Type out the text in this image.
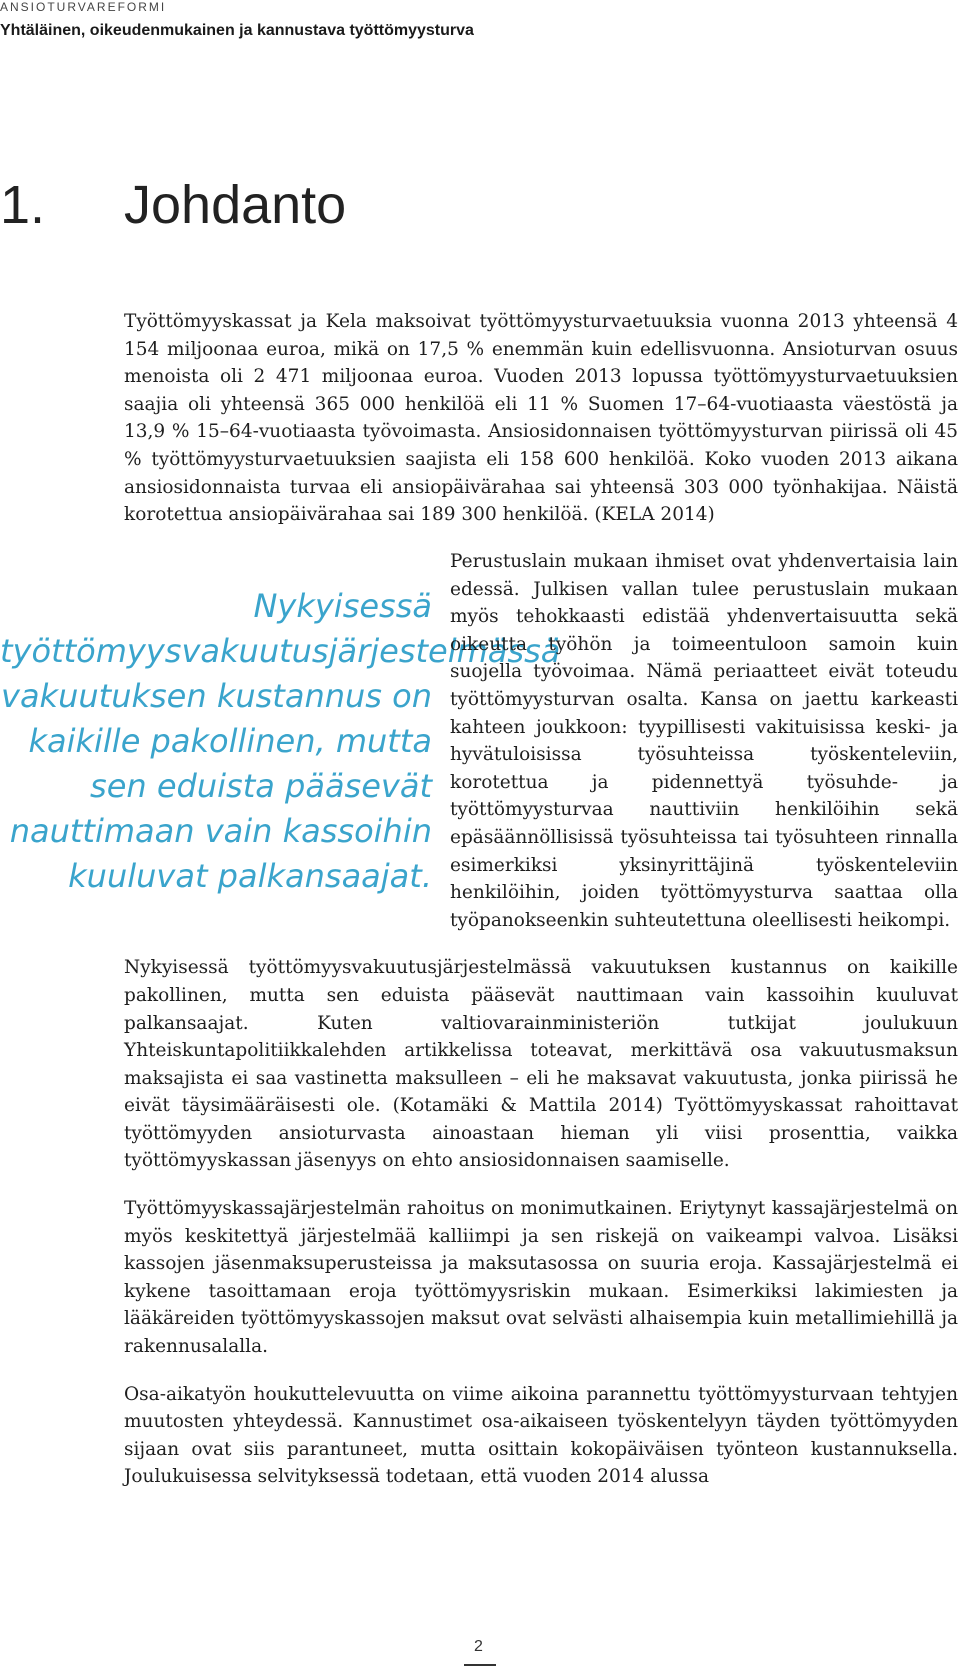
ANSIOTURVAREFORMI
Yhtäläinen, oikeudenmukainen ja kannustava työttömyysturva
1. Johdanto

Työttömyyskassat ja Kela maksoivat työttömyysturvaetuuksia vuonna 2013 yhteensä 4 154 miljoonaa euroa, mikä on 17,5 % enemmän kuin edellisvuonna. Ansioturvan osuus menoista oli 2 471 miljoonaa euroa. Vuoden 2013 lopussa työttömyysturvaetuuksien saajia oli yhteensä 365 000 henkilöä eli 11 % Suomen 17–64-vuotiaasta väestöstä ja 13,9 % 15–64-vuotiaasta työvoimasta. Ansiosidonnaisen työttömyysturvan piirissä oli 45 % työttömyysturvaetuuksien saajista eli 158 600 henkilöä. Koko vuoden 2013 aikana ansiosidonnaista turvaa eli ansiopäivärahaa sai yhteensä 303 000 työnhakijaa. Näistä korotettua ansiopäivärahaa sai 189 300 henkilöä. (KELA 2014)

Nykyisessä työttömyysvakuutusjärjestelmässä vakuutuksen kustannus on kaikille pakollinen, mutta sen eduista pääsevät nauttimaan vain kassoihin kuuluvat palkansaajat.

Perustuslain mukaan ihmiset ovat yhdenvertaisia lain edessä. Julkisen vallan tulee perustuslain mukaan myös tehokkaasti edistää yhdenvertaisuutta sekä oikeutta työhön ja toimeentuloon samoin kuin suojella työvoimaa. Nämä periaatteet eivät toteudu työttömyysturvan osalta. Kansa on jaettu karkeasti kahteen joukkoon: tyypillisesti vakituisissa keski- ja hyvätuloisissa työsuhteissa työskenteleviin, korotettua ja pidennettyä työsuhde- ja työttömyysturvaa nauttiviin henkilöihin sekä epäsäännöllisissä työsuhteissa tai työsuhteen rinnalla esimerkiksi yksinyrittäjinä työskenteleviin henkilöihin, joiden työttömyysturva saattaa olla työpanokseenkin suhteutettuna oleellisesti heikompi.

Nykyisessä työttömyysvakuutusjärjestelmässä vakuutuksen kustannus on kaikille pakollinen, mutta sen eduista pääsevät nauttimaan vain kassoihin kuuluvat palkansaajat. Kuten valtiovarainministeriön tutkijat joulukuun Yhteiskuntapolitiikkalehden artikkelissa toteavat, merkittävä osa vakuutusmaksun maksajista ei saa vastinetta maksulleen – eli he maksavat vakuutusta, jonka piirissä he eivät täysimääräisesti ole. (Kotamäki & Mattila 2014) Työttömyyskassat rahoittavat työttömyyden ansioturvasta ainoastaan hieman yli viisi prosenttia, vaikka työttömyyskassan jäsenyys on ehto ansiosidonnaisen saamiselle.

Työttömyyskassajärjestelmän rahoitus on monimutkainen. Eriytynyt kassajärjestelmä on myös keskitettyä järjestelmää kalliimpi ja sen riskejä on vaikeampi valvoa. Lisäksi kassojen jäsenmaksuperusteissa ja maksutasossa on suuria eroja. Kassajärjestelmä ei kykene tasoittamaan eroja työttömyysriskin mukaan. Esimerkiksi lakimiesten ja lääkäreiden työttömyyskassojen maksut ovat selvästi alhaisempia kuin metallimiehillä ja rakennusalalla.

Osa-aikatyön houkuttelevuutta on viime aikoina parannettu työttömyysturvaan tehtyjen muutosten yhteydessä. Kannustimet osa-aikaiseen työskentelyyn täyden työttömyyden sijaan ovat siis parantuneet, mutta osittain kokopäiväisen työnteon kustannuksella. Joulukuisessa selvityksessä todetaan, että vuoden 2014 alussa

2
